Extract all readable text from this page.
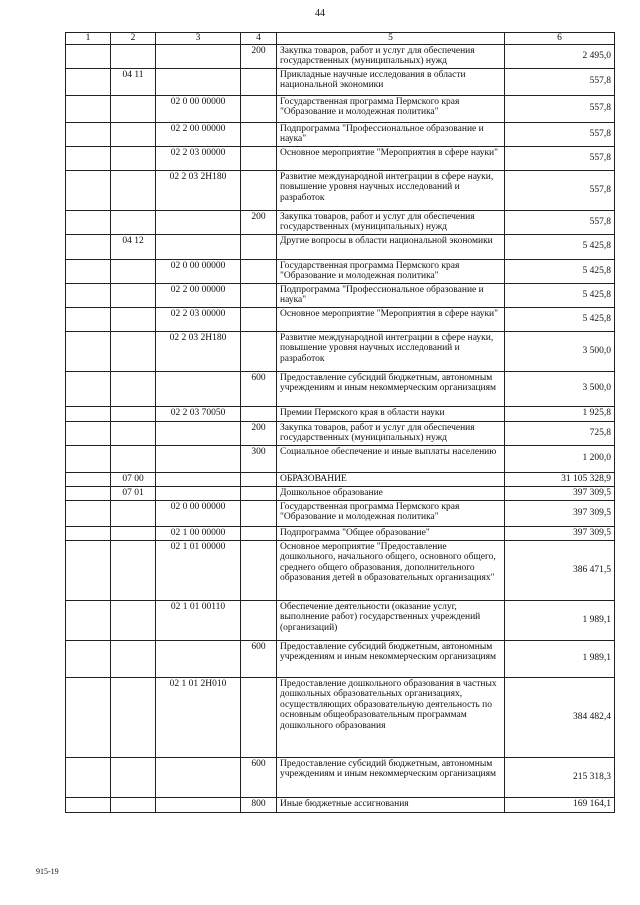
44
1	2	3	4	5	6
			200	Закупка товаров, работ и услуг для обеспечения государственных (муниципальных) нужд	2 495,0
	04 11			Прикладные научные исследования в области национальной экономики	557,8
		02 0 00 00000		Государственная программа Пермского края "Образование и молодежная политика"	557,8
		02 2 00 00000		Подпрограмма "Профессиональное образование и наука"	557,8
		02 2 03 00000		Основное мероприятие "Мероприятия в сфере науки"	557,8
		02 2 03 2Н180		Развитие международной интеграции в сфере науки, повышение уровня научных исследований и разработок	557,8
			200	Закупка товаров, работ и услуг для обеспечения государственных (муниципальных) нужд	557,8
	04 12			Другие вопросы в области национальной экономики	5 425,8
		02 0 00 00000		Государственная программа Пермского края "Образование и молодежная политика"	5 425,8
		02 2 00 00000		Подпрограмма "Профессиональное образование и наука"	5 425,8
		02 2 03 00000		Основное мероприятие "Мероприятия в сфере науки"	5 425,8
		02 2 03 2Н180		Развитие международной интеграции в сфере науки, повышение уровня научных исследований и разработок	3 500,0
			600	Предоставление субсидий бюджетным, автономным учреждениям и иным некоммерческим организациям	3 500,0
		02 2 03 70050		Премии Пермского края в области науки	1 925,8
			200	Закупка товаров, работ и услуг для обеспечения государственных (муниципальных) нужд	725,8
			300	Социальное обеспечение и иные выплаты населению	1 200,0
	07 00			ОБРАЗОВАНИЕ	31 105 328,9
	07 01			Дошкольное образование	397 309,5
		02 0 00 00000		Государственная программа Пермского края "Образование и молодежная политика"	397 309,5
		02 1 00 00000		Подпрограмма "Общее образование"	397 309,5
		02 1 01 00000		Основное мероприятие "Предоставление дошкольного, начального общего, основного общего, среднего общего образования, дополнительного образования детей в образовательных организациях"	386 471,5
		02 1 01 00110		Обеспечение деятельности (оказание услуг, выполнение работ) государственных учреждений (организаций)	1 989,1
			600	Предоставление субсидий бюджетным, автономным учреждениям и иным некоммерческим организациям	1 989,1
		02 1 01 2Н010		Предоставление дошкольного образования в частных дошкольных образовательных организациях, осуществляющих образовательную деятельность по основным общеобразовательным программам дошкольного образования	384 482,4
			600	Предоставление субсидий бюджетным, автономным учреждениям и иным некоммерческим организациям	215 318,3
			800	Иные бюджетные ассигнования	169 164,1
915-19
